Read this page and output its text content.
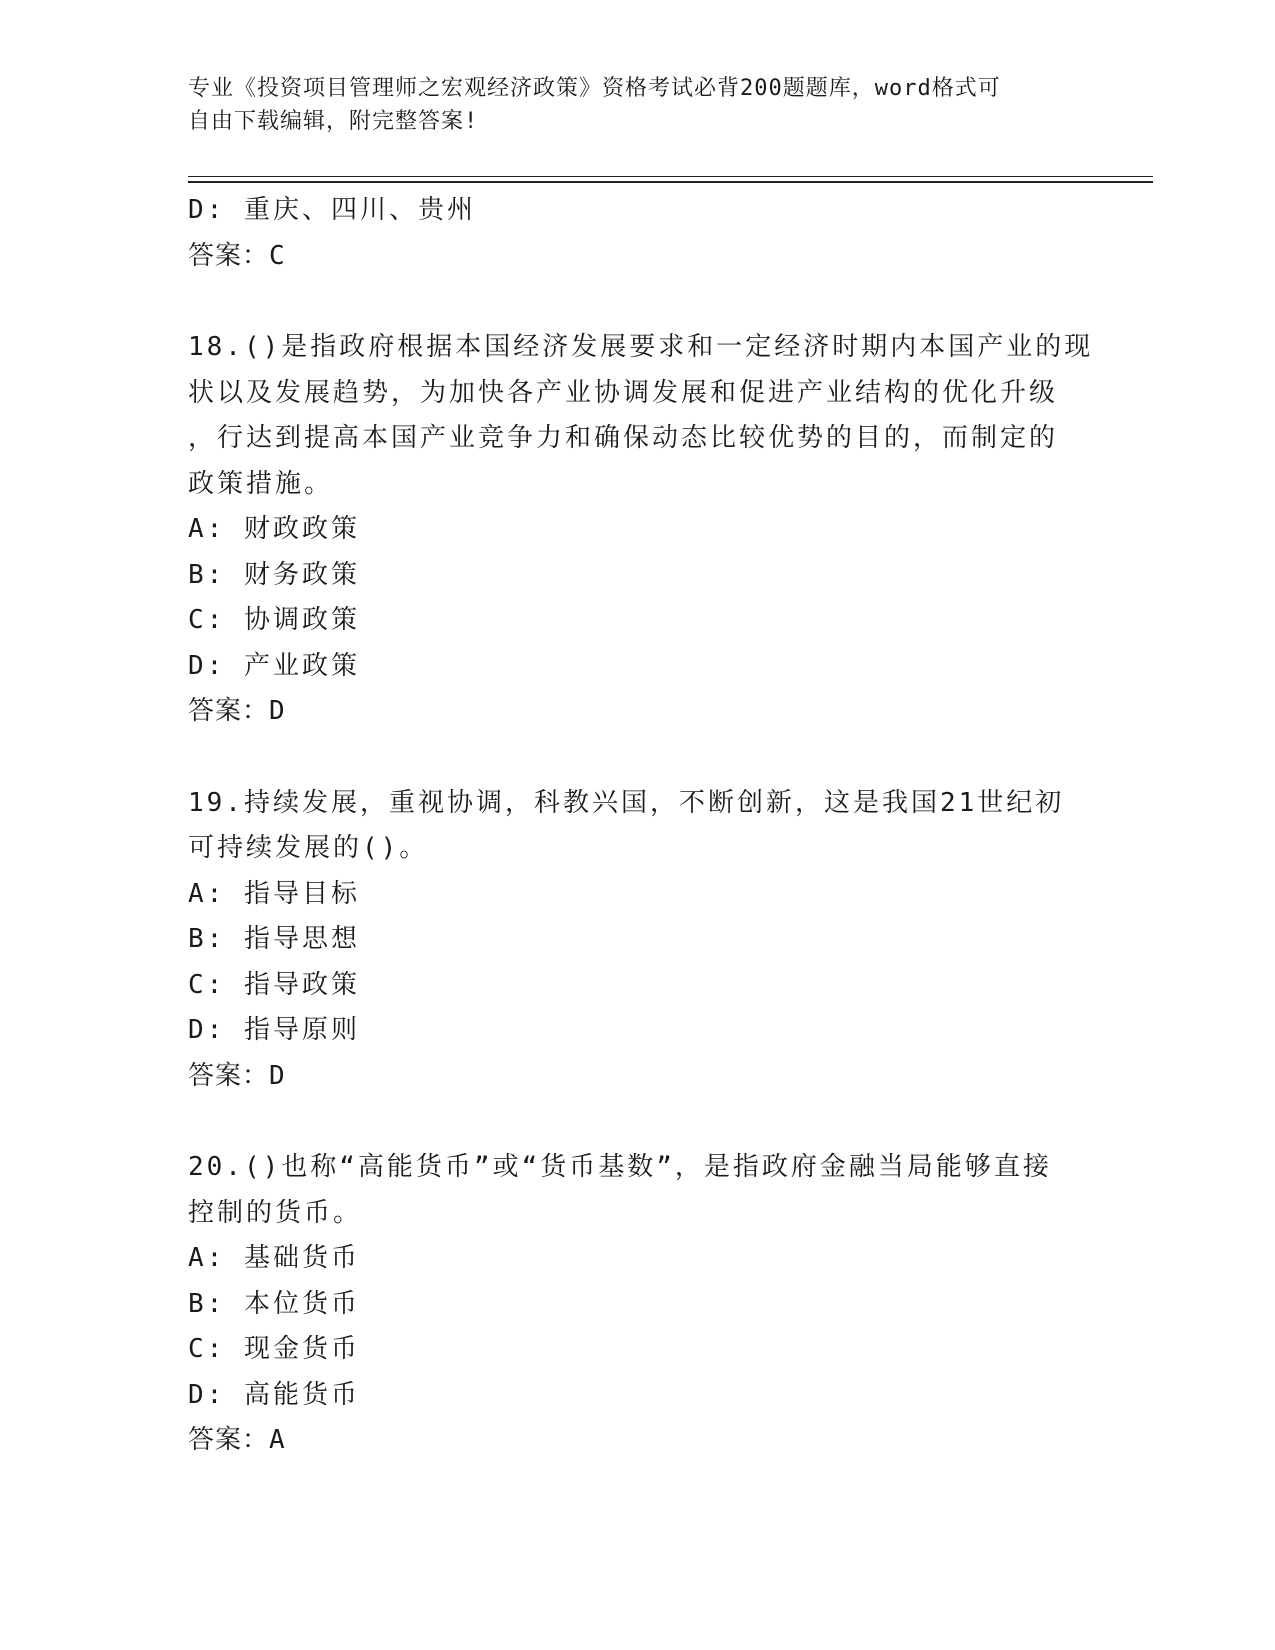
专业《投资项目管理师之宏观经济政策》资格考试必背200题题库，word格式可
自由下载编辑，附完整答案!
D: 重庆、四川、贵州
答案：C
18.()是指政府根据本国经济发展要求和一定经济时期内本国产业的现
状以及发展趋势，为加快各产业协调发展和促进产业结构的优化升级
，行达到提高本国产业竞争力和确保动态比较优势的目的，而制定的
政策措施。
A: 财政政策
B: 财务政策
C: 协调政策
D: 产业政策
答案：D
19.持续发展，重视协调，科教兴国，不断创新，这是我国21世纪初
可持续发展的()。
A: 指导目标
B: 指导思想
C: 指导政策
D: 指导原则
答案：D
20.()也称“高能货币”或“货币基数”，是指政府金融当局能够直接
控制的货币。
A: 基础货币
B: 本位货币
C: 现金货币
D: 高能货币
答案：A
